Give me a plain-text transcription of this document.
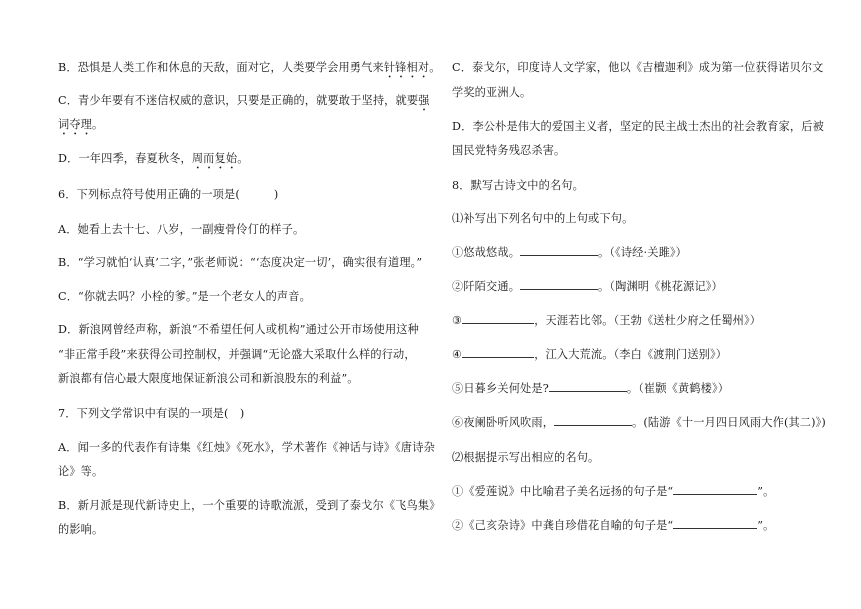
B．恐惧是人类工作和休息的天敌，面对它，人类要学会用勇气来针锋相对。
C．青少年要有不迷信权威的意识，只要是正确的，就要敢于坚持，就要强
词夺理。
D．一年四季，春夏秋冬，周而复始。
6．下列标点符号使用正确的一项是(　　　)
A．她看上去十七、八岁，一副瘦骨伶仃的样子。
B．“学习就怕‘认真’二字，”张老师说：“‘态度决定一切’，确实很有道理。”
C．“你就去吗？小栓的爹。”是一个老女人的声音。
D．新浪网曾经声称，新浪“不希望任何人或机构”通过公开市场使用这种
“非正常手段”来获得公司控制权，并强调“无论盛大采取什么样的行动，
新浪都有信心最大限度地保证新浪公司和新浪股东的利益”。
7．下列文学常识中有误的一项是(　)
A．闻一多的代表作有诗集《红烛》《死水》，学术著作《神话与诗》《唐诗杂
论》等。
B．新月派是现代新诗史上，一个重要的诗歌流派，受到了泰戈尔《飞鸟集》
的影响。
C．泰戈尔，印度诗人文学家，他以《吉檀迦利》成为第一位获得诺贝尔文
学奖的亚洲人。
D．李公朴是伟大的爱国主义者，坚定的民主战士杰出的社会教育家，后被
国民党特务残忍杀害。
8．默写古诗文中的名句。
⑴补写出下列名句中的上句或下句。
①悠哉悠哉。	。（《诗经·关雎》）
②阡陌交通。	。（陶渊明《桃花源记》）
③	，天涯若比邻。（王勃《送杜少府之任蜀州》）
④	，江入大荒流。（李白《渡荆门送别》）
⑤日暮乡关何处是?	。（崔颢《黄鹤楼》）
⑥夜阑卧听风吹雨，	。(陆游《十一月四日风雨大作(其二)》)
⑵根据提示写出相应的名句。
①《爱莲说》中比喻君子美名远扬的句子是“	”。
②《己亥杂诗》中龚自珍借花自喻的句子是“	”。
